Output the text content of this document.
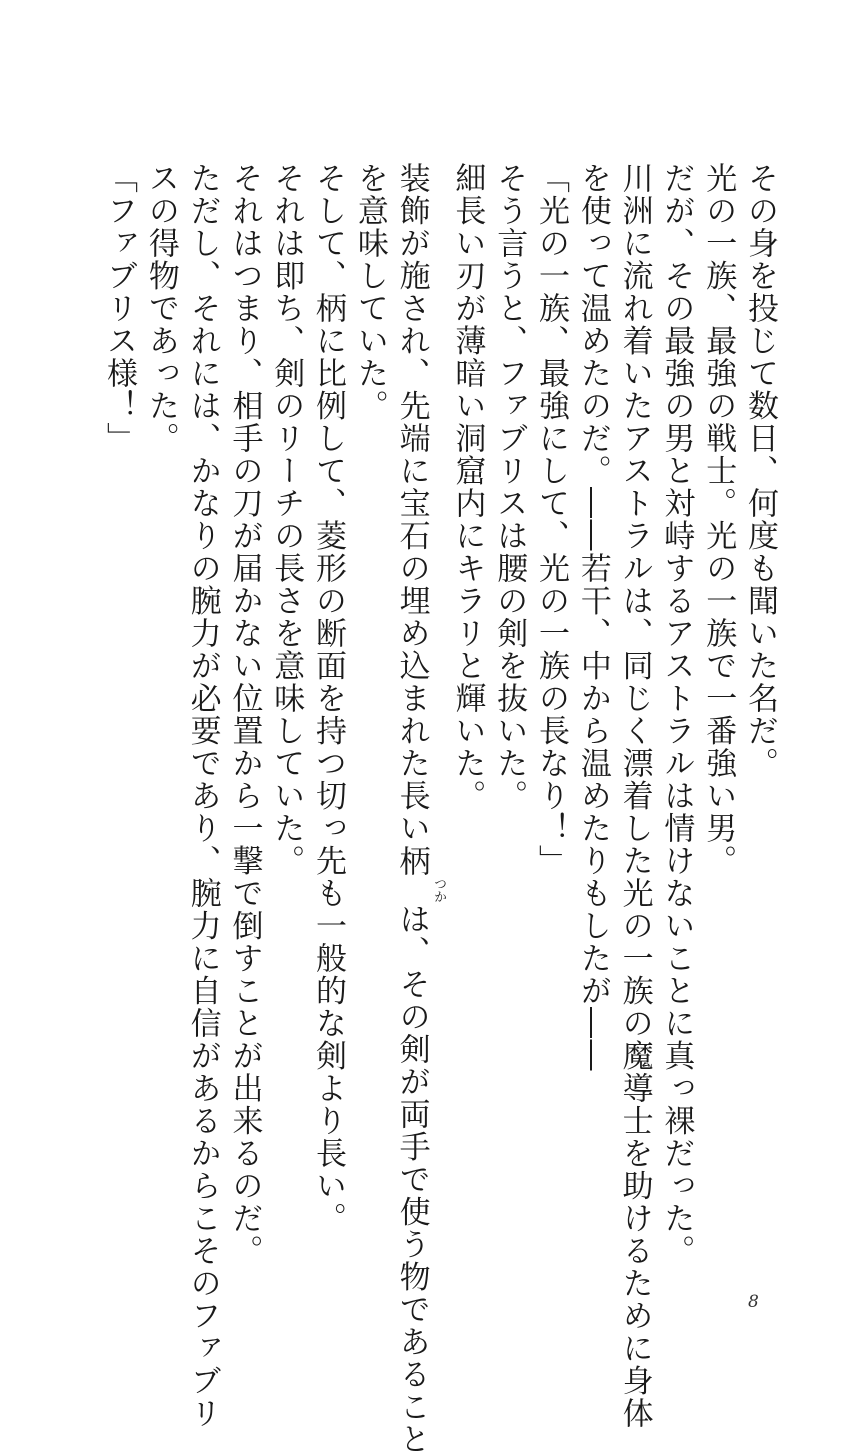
その身を投じて数日、何度も聞いた名だ。
光の一族、最強の戦士。光の一族で一番強い男。
だが、その最強の男と対峙するアストラルは情けないことに真っ裸だった。
川洲に流れ着いたアストラルは、同じく漂着した光の一族の魔導士を助けるために身体
を使って温めたのだ。――若干、中から温めたりもしたが――
「光の一族、最強にして、光の一族の長なり！」
そう言うと、ファブリスは腰の剣を抜いた。
細長い刃が薄暗い洞窟内にキラリと輝いた。
装飾が施され、先端に宝石の埋め込まれた長い柄つかは、その剣が両手で使う物であること
を意味していた。
そして、柄に比例して、菱形の断面を持つ切っ先も一般的な剣より長い。
それは即ち、剣のリーチの長さを意味していた。
それはつまり、相手の刀が届かない位置から一撃で倒すことが出来るのだ。
ただし、それには、かなりの腕力が必要であり、腕力に自信があるからこそのファブリ
スの得物であった。
「ファブリス様！」
8
